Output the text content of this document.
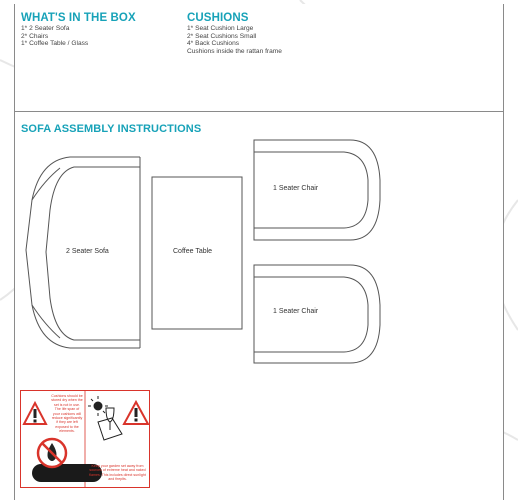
WHAT'S IN THE BOX
1* 2 Seater Sofa
2* Chairs
1* Coffee Table / Glass
CUSHIONS
1* Seat Cushion Large
2* Seat Cushions Small
4* Back Cushions
Cushions inside the rattan frame
SOFA ASSEMBLY INSTRUCTIONS
2 Seater Sofa	Coffee Table
1 Seater Chair
1 Seater Chair
Cushions should be stored dry when the set is not in use. The life span of your cushions will reduce significantly if they are left exposed to the elements.
Keep your garden set away from sources of extreme heat and naked flames. This includes direct sunlight and fireplts.
